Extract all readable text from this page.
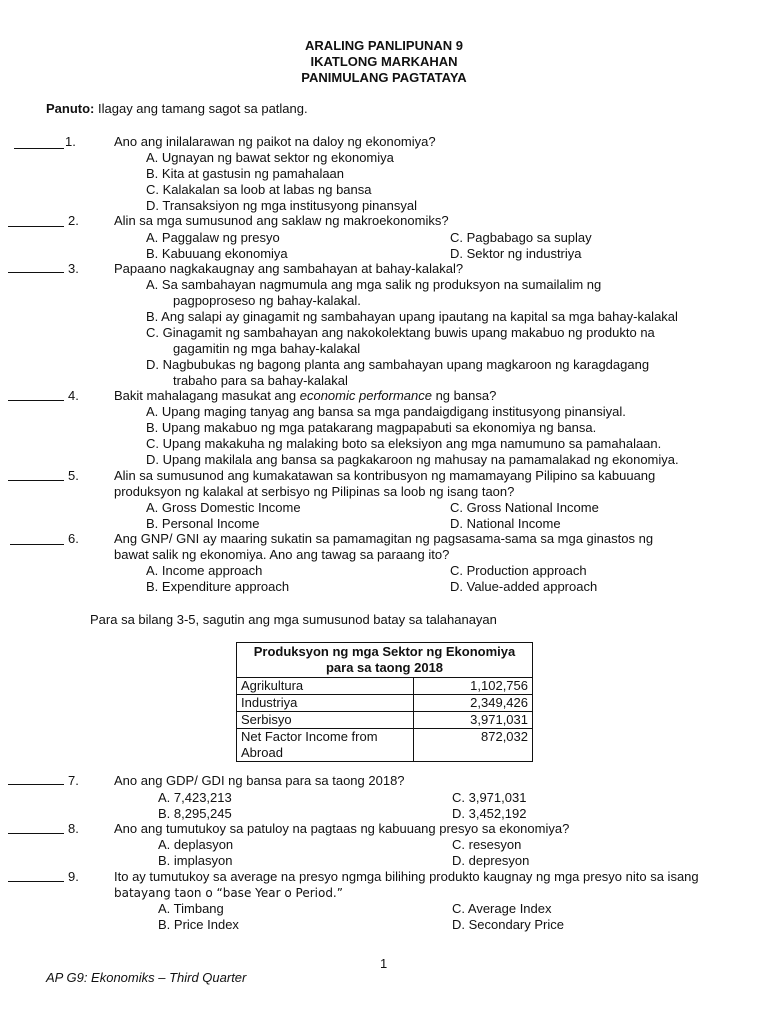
ARALING PANLIPUNAN 9
IKATLONG MARKAHAN
PANIMULANG PAGTATAYA
Panuto: Ilagay ang tamang sagot sa patlang.
1.	Ano ang inilalarawan ng paikot na daloy ng ekonomiya?
A. Ugnayan ng bawat sektor ng ekonomiya
B. Kita at gastusin ng pamahalaan
C. Kalakalan sa loob at labas ng bansa
D. Transaksiyon ng mga institusyong pinansyal
2.	Alin sa mga sumusunod ang saklaw ng makroekonomiks?
A. Paggalaw ng presyo	C. Pagbabago sa suplay
B. Kabuuang ekonomiya	D. Sektor ng industriya
3.	Papaano nagkakaugnay ang sambahayan at bahay-kalakal?
A. Sa sambahayan nagmumula ang mga salik ng produksyon na sumailalim ng
pagpoproseso ng bahay-kalakal.
B. Ang salapi ay ginagamit ng sambahayan upang ipautang na kapital sa mga bahay-kalakal
C. Ginagamit ng sambahayan ang nakokolektang buwis upang makabuo ng produkto na
gagamitin ng mga bahay-kalakal
D. Nagbubukas ng bagong planta ang sambahayan upang magkaroon ng karagdagang
trabaho para sa bahay-kalakal
4.	Bakit mahalagang masukat ang economic performance ng bansa?
A. Upang maging tanyag ang bansa sa mga pandaigdigang institusyong pinansiyal.
B. Upang makabuo ng mga patakarang magpapabuti sa ekonomiya ng bansa.
C. Upang makakuha ng malaking boto sa eleksiyon ang mga namumuno sa pamahalaan.
D. Upang makilala ang bansa sa pagkakaroon ng mahusay na pamamalakad ng ekonomiya.
5.	Alin sa sumusunod ang kumakatawan sa kontribusyon ng mamamayang Pilipino sa kabuuang
produksyon ng kalakal at serbisyo ng Pilipinas sa loob ng isang taon?
A. Gross Domestic Income	C. Gross National Income
B. Personal Income	D. National Income
6.	Ang GNP/ GNI ay maaring sukatin sa pamamagitan ng pagsasama-sama sa mga ginastos ng
bawat salik ng ekonomiya. Ano ang tawag sa paraang ito?
A. Income approach	C. Production approach
B. Expenditure approach	D. Value-added approach
Para sa bilang 3-5, sagutin ang mga sumusunod batay sa talahanayan
Produksyon ng mga Sektor ng Ekonomiya
para sa taong 2018	

Agrikultura	1,102,756
Industriya	2,349,426
Serbisyo	3,971,031

Net Factor Income from
Abroad	872,032
7.	Ano ang GDP/ GDI ng bansa para sa taong 2018?
A. 7,423,213	C. 3,971,031
B. 8,295,245	D. 3,452,192
8.	Ano ang tumutukoy sa patuloy na pagtaas ng kabuuang presyo sa ekonomiya?
A. deplasyon	C. resesyon
B. implasyon	D. depresyon
9.	Ito ay tumutukoy sa average na presyo ngmga bilihing produkto kaugnay ng mga presyo nito sa isang
batayang taon o “base Year o Period.”
A. Timbang	C. Average Index
B. Price Index	D. Secondary Price
1
AP G9: Ekonomiks – Third Quarter
